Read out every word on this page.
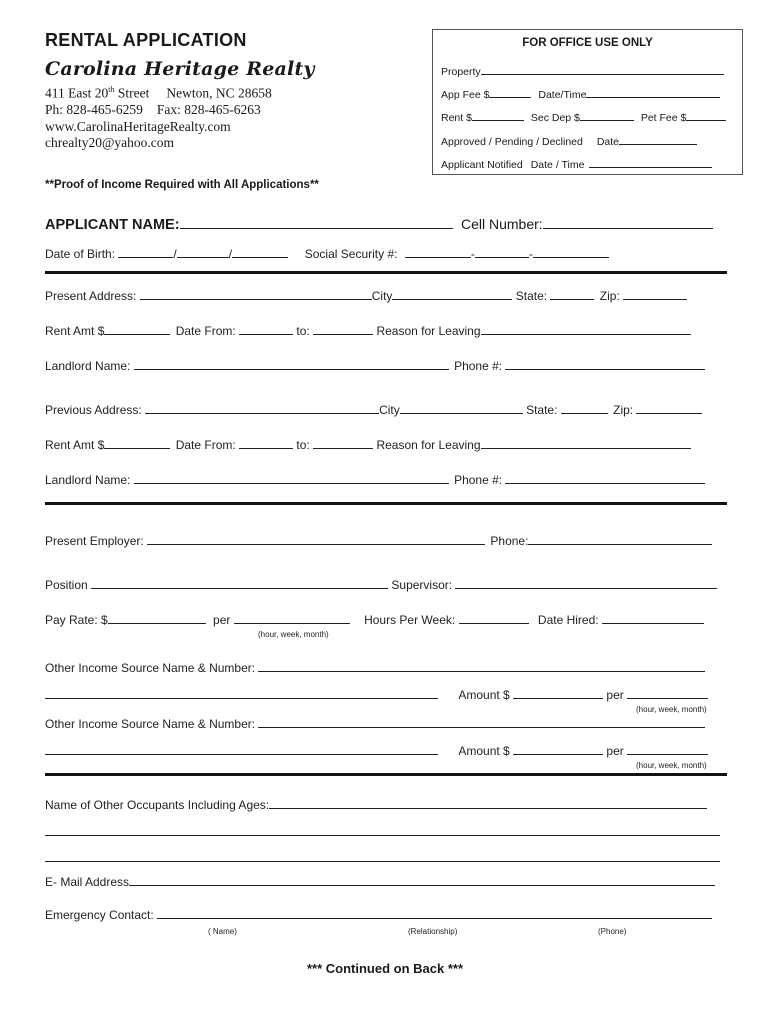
RENTAL APPLICATION
Carolina Heritage Realty
411 East 20th Street Newton, NC 28658
Ph: 828-465-6259 Fax: 828-465-6263
www.CarolinaHeritageRealty.com
chrealty20@yahoo.com
FOR OFFICE USE ONLY
Property
App Fee $	Date/Time
Rent $	Sec Dep $	Pet Fee $
Approved / Pending / Declined Date
Applicant Notified Date / Time
**Proof of Income Required with All Applications**
APPLICANT NAME:	Cell Number:
Date of Birth:	/	/	Social Security #:	-	-
Present Address:	City	State:	Zip:
Rent Amt $	Date From:	to:	Reason for Leaving
Landlord Name:	Phone #:
Previous Address:	City	State:	Zip:
Rent Amt $	Date From:	to:	Reason for Leaving
Landlord Name:	Phone #:
Present Employer:	Phone:
Position	Supervisor:
Pay Rate: $	per	Hours Per Week:	Date Hired:
(hour, week, month)
Other Income Source Name & Number:
Amount $	per
(hour, week, month)
Other Income Source Name & Number:
Amount $	per
(hour, week, month)
Name of Other Occupants Including Ages:
E- Mail Address
Emergency Contact:
( Name)	(Relationship)	(Phone)
*** Continued on Back ***
